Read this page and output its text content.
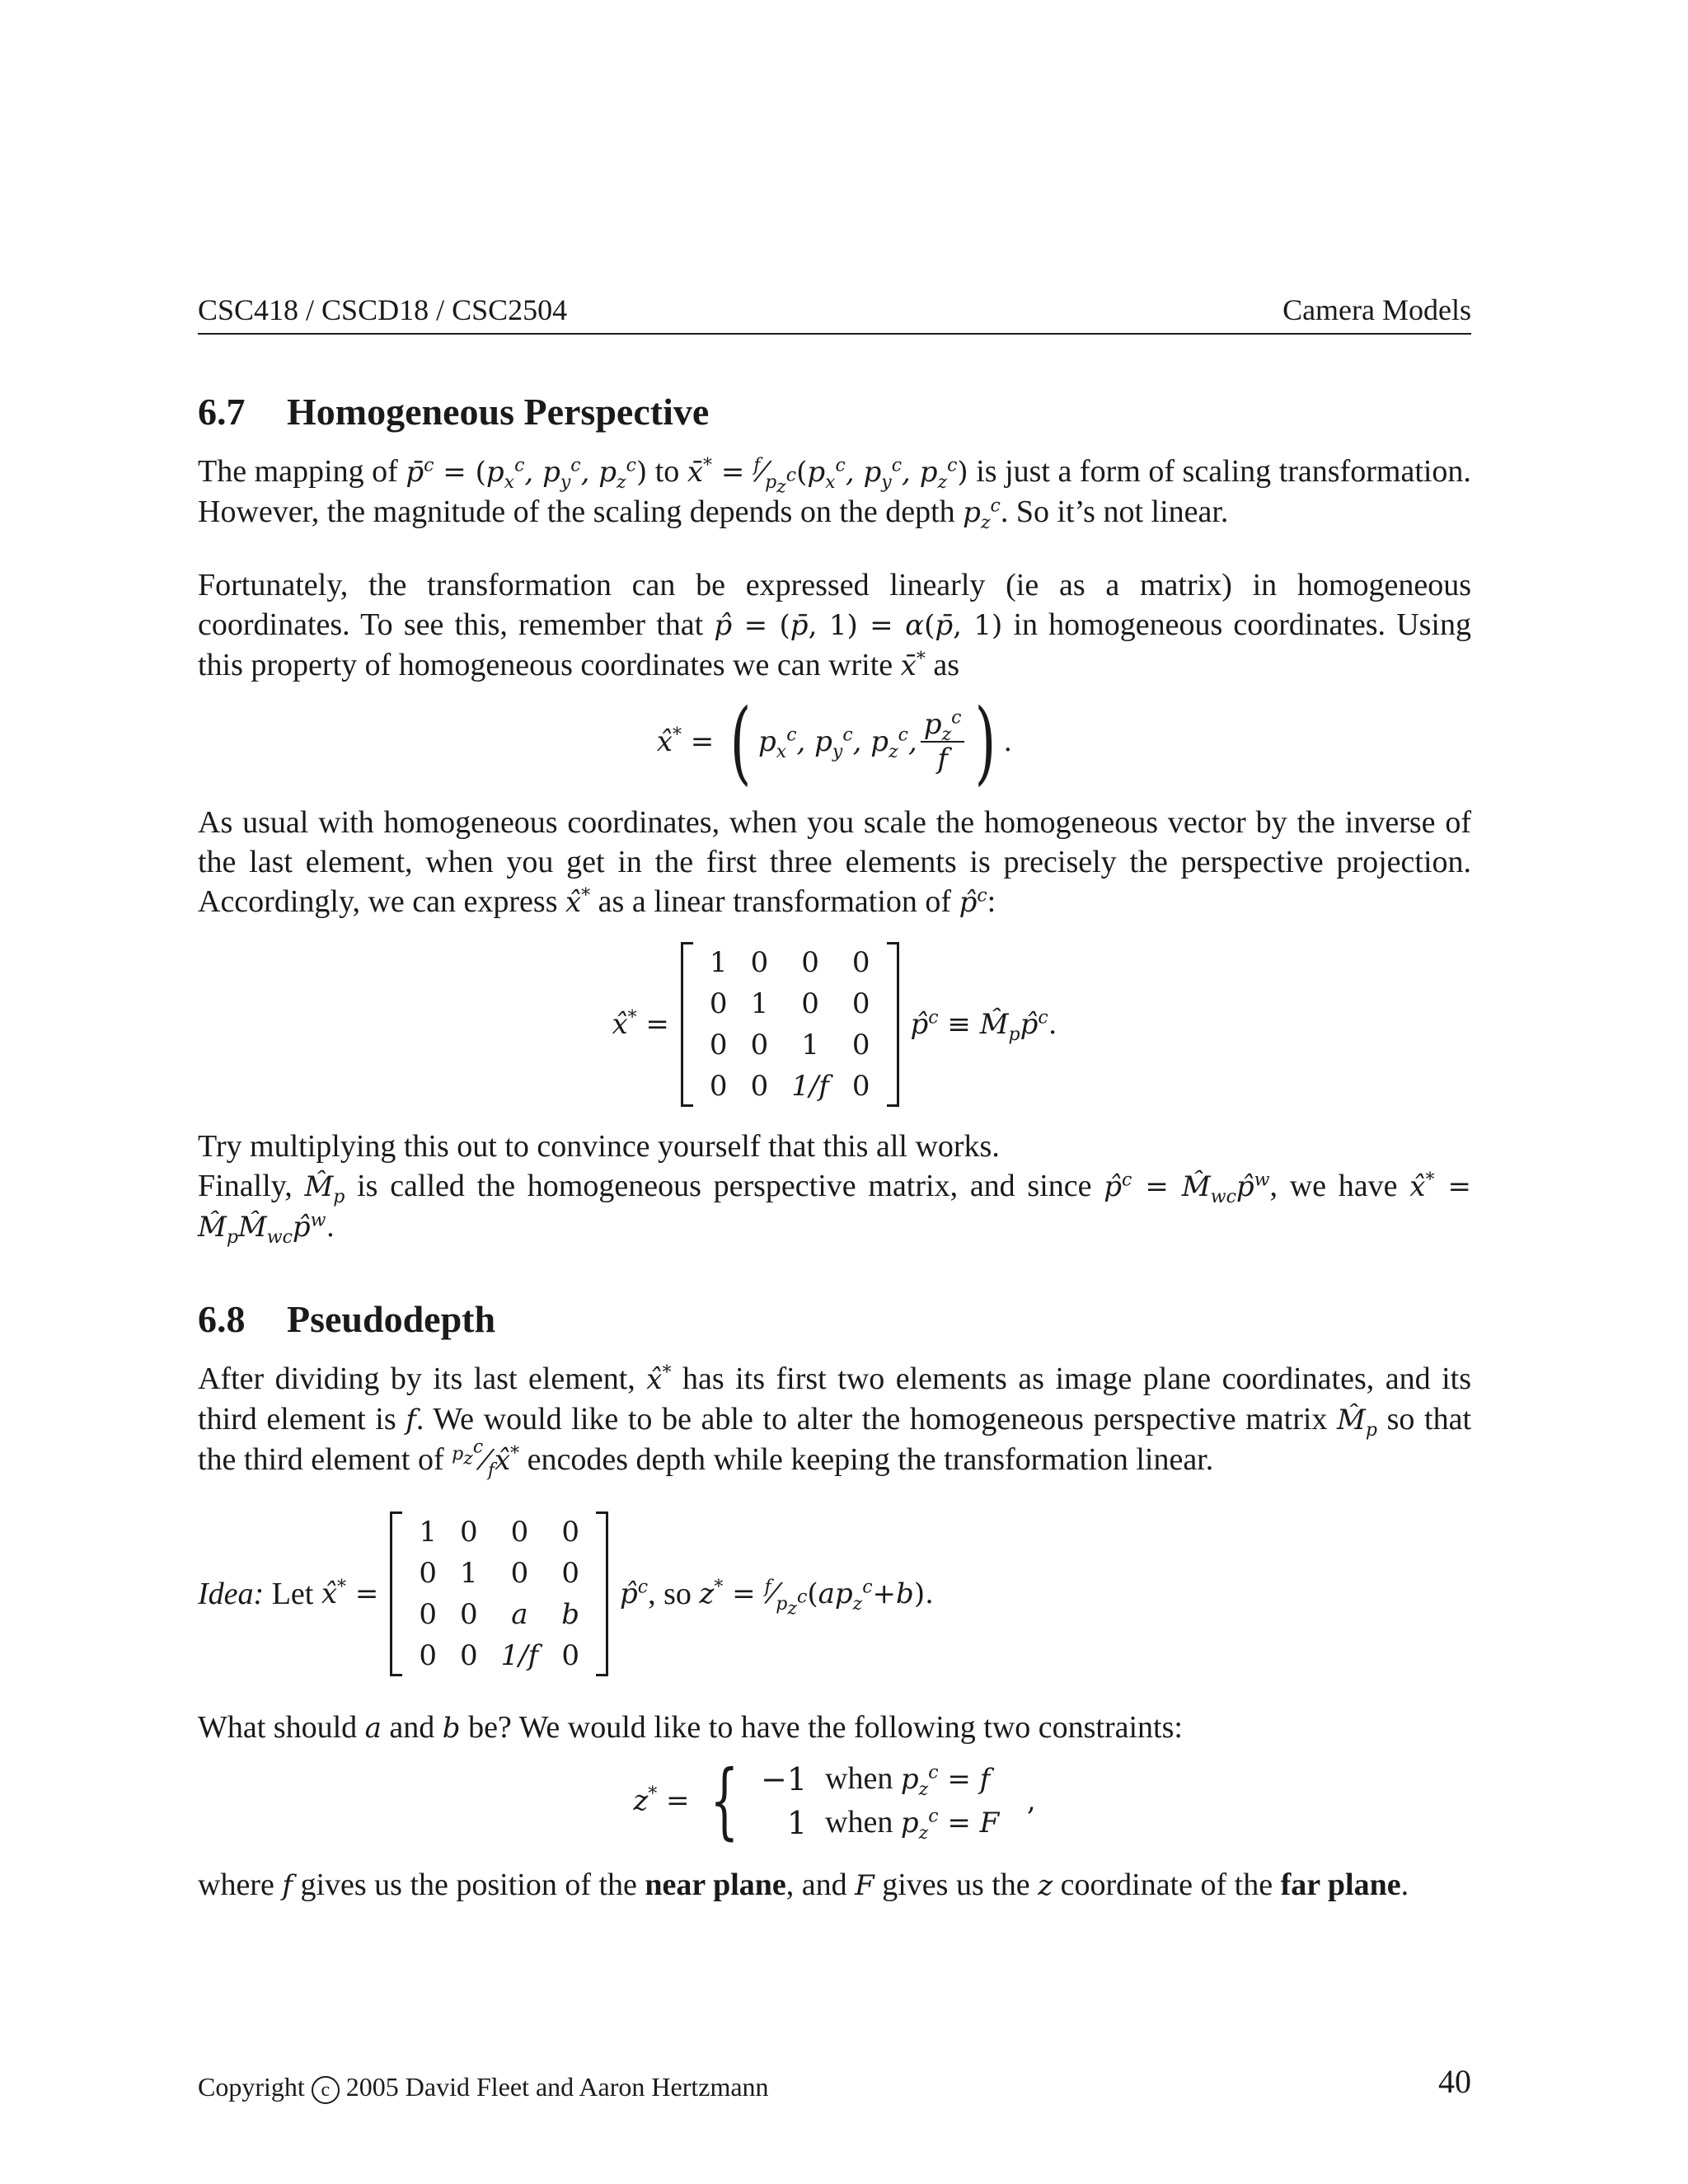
CSC418 / CSCD18 / CSC2504	Camera Models
6.7 Homogeneous Perspective

The mapping of p̄$^c$ = ($p_x^c$, $p_y^c$, $p_z^c$) to x̄* = $^f⁄_{p_z^c}(p_x^c$, $p_y^c$, $p_z^c$) is just a form of scaling transformation. However, the magnitude of the scaling depends on the depth $p_z^c$. So it’s not linear.

Fortunately, the transformation can be expressed linearly (ie as a matrix) in homogeneous coordinates. To see this, remember that p̂ = (p̄, 1) = α(p̄, 1) in homogeneous coordinates. Using this property of homogeneous coordinates we can write x̄* as

x̂* = ( $p_x^c$, $p_y^c$, $p_z^c$, $\frac{p_z^c}{f}$ ) .

As usual with homogeneous coordinates, when you scale the homogeneous vector by the inverse of the last element, when you get in the first three elements is precisely the perspective projection. Accordingly, we can express x̂* as a linear transformation of p̂$^c$:

x̂* =
1	0	0	0
0	1	0	0
0	0	1	0
0	0	1/f	0
p̂$^c$ ≡ $M̂_pp̂^c$ .

Try multiplying this out to convince yourself that this all works.

Finally, $M̂_p$ is called the homogeneous perspective matrix, and since p̂$^c$ = $M̂_{wc}p̂^w$, we have x̂* = $M̂_pM̂_{wc}p̂^w$.

6.8 Pseudodepth

After dividing by its last element, x̂* has its first two elements as image plane coordinates, and its third element is f. We would like to be able to alter the homogeneous perspective matrix $M̂_p$ so that the third element of $^{p_z^c}⁄_fx̂^*$ encodes depth while keeping the transformation linear.

Idea: Let x̂* =
1	0	0	0
0	1	0	0
0	0	a	b
0	0	1/f	0
p̂$^c$ , so $z^* = ^f⁄_{p_z^c}$ ( $ap_z^c + b$ ).

What should a and b be? We would like to have the following two constraints:

z* = { −1	when $p_z^c = f$
1	when $p_z^c = F$
,

where f gives us the position of the near plane, and F gives us the z coordinate of the far plane.

Copyright c 2005 David Fleet and Aaron Hertzmann	40
